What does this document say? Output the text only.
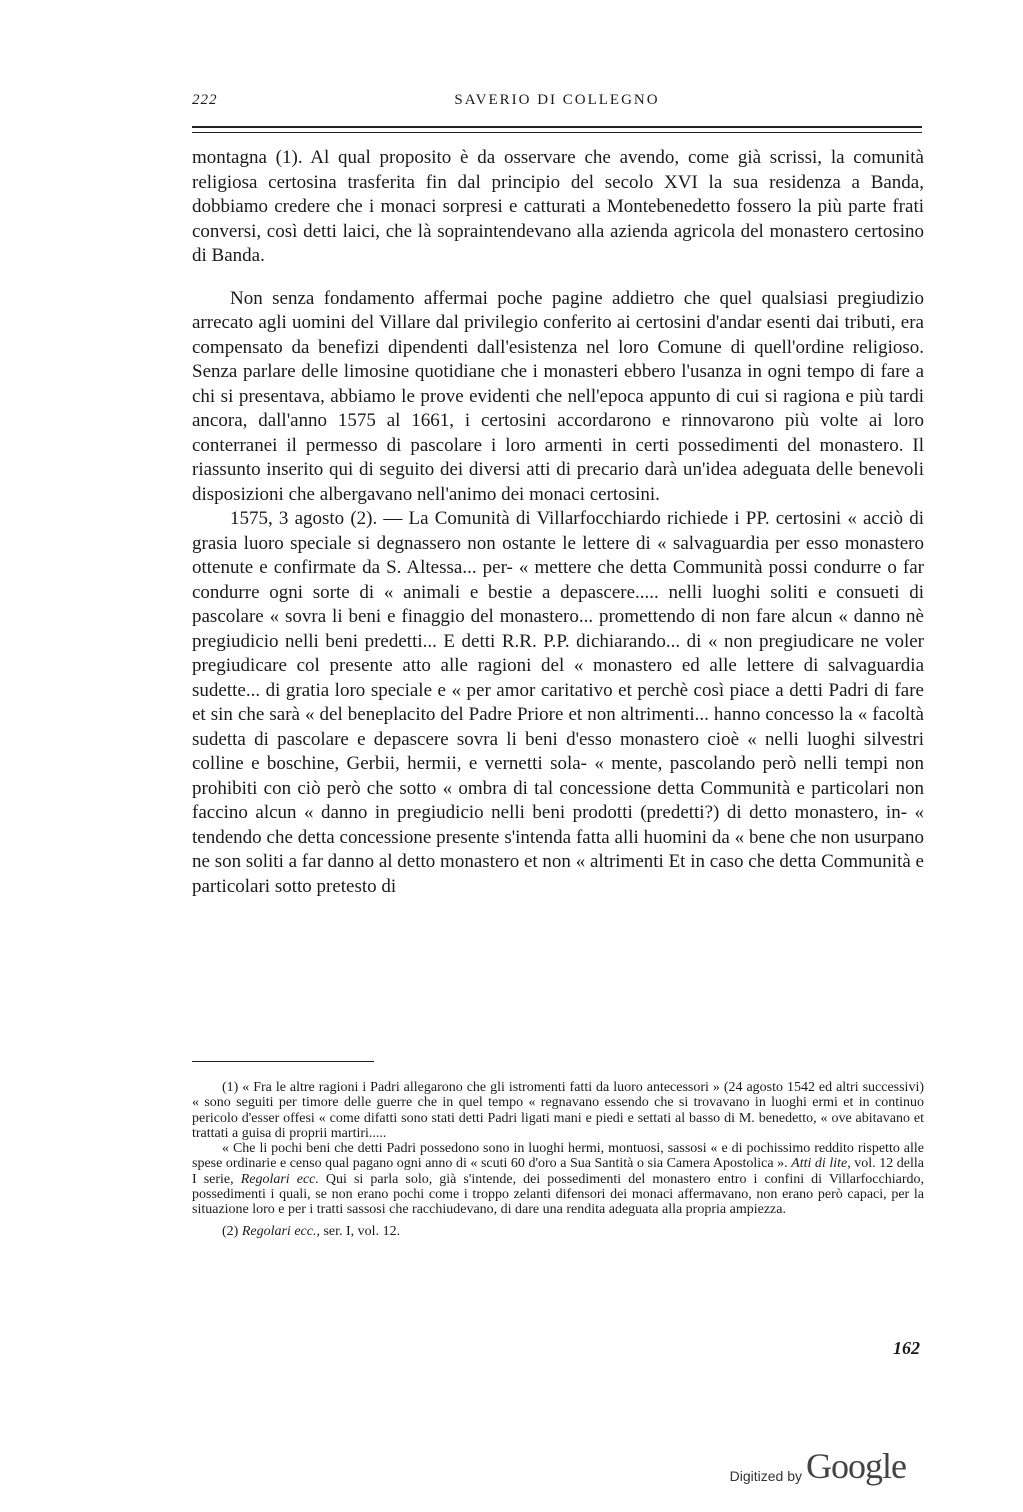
222	SAVERIO DI COLLEGNO

montagna (1). Al qual proposito è da osservare che avendo, come già scrissi, la comunità religiosa certosina trasferita fin dal principio del secolo XVI la sua residenza a Banda, dobbiamo credere che i monaci sorpresi e catturati a Montebenedetto fossero la più parte frati conversi, così detti laici, che là sopraintendevano alla azienda agricola del monastero certosino di Banda.

Non senza fondamento affermai poche pagine addietro che quel qualsiasi pregiudizio arrecato agli uomini del Villare dal privilegio conferito ai certosini d'andar esenti dai tributi, era compensato da benefizi dipendenti dall'esistenza nel loro Comune di quell'ordine religioso. Senza parlare delle limosine quotidiane che i monasteri ebbero l'usanza in ogni tempo di fare a chi si presentava, abbiamo le prove evidenti che nell'epoca appunto di cui si ragiona e più tardi ancora, dall'anno 1575 al 1661, i certosini accordarono e rinnovarono più volte ai loro conterranei il permesso di pascolare i loro armenti in certi possedimenti del monastero. Il riassunto inserito qui di seguito dei diversi atti di precario darà un'idea adeguata delle benevoli disposizioni che albergavano nell'animo dei monaci certosini.

1575, 3 agosto (2). — La Comunità di Villarfocchiardo richiede i PP. certosini « acciò di grasia luoro speciale si degnassero non ostante le lettere di « salvaguardia per esso monastero ottenute e confirmate da S. Altessa... per- « mettere che detta Communità possi condurre o far condurre ogni sorte di « animali e bestie a depascere..... nelli luoghi soliti e consueti di pascolare « sovra li beni e finaggio del monastero... promettendo di non fare alcun « danno nè pregiudicio nelli beni predetti... E detti R.R. P.P. dichiarando... di « non pregiudicare ne voler pregiudicare col presente atto alle ragioni del « monastero ed alle lettere di salvaguardia sudette... di gratia loro speciale e « per amor caritativo et perchè così piace a detti Padri di fare et sin che sarà « del beneplacito del Padre Priore et non altrimenti... hanno concesso la « facoltà sudetta di pascolare e depascere sovra li beni d'esso monastero cioè « nelli luoghi silvestri colline e boschine, Gerbii, hermii, e vernetti sola- « mente, pascolando però nelli tempi non prohibiti con ciò però che sotto « ombra di tal concessione detta Communità e particolari non faccino alcun « danno in pregiudicio nelli beni prodotti (predetti?) di detto monastero, in- « tendendo che detta concessione presente s'intenda fatta alli huomini da « bene che non usurpano ne son soliti a far danno al detto monastero et non « altrimenti Et in caso che detta Communità e particolari sotto pretesto di

(1) « Fra le altre ragioni i Padri allegarono che gli istromenti fatti da luoro antecessori » (24 agosto 1542 ed altri successivi) « sono seguiti per timore delle guerre che in quel tempo « regnavano essendo che si trovavano in luoghi ermi et in continuo pericolo d'esser offesi « come difatti sono stati detti Padri ligati mani e piedi e settati al basso di M. benedetto, « ove abitavano et trattati a guisa di proprii martiri.....

« Che li pochi beni che detti Padri possedono sono in luoghi hermi, montuosi, sassosi « e di pochissimo reddito rispetto alle spese ordinarie e censo qual pagano ogni anno di « scuti 60 d'oro a Sua Santità o sia Camera Apostolica ». Atti di lite, vol. 12 della I serie, Regolari ecc. Qui si parla solo, già s'intende, dei possedimenti del monastero entro i confini di Villarfocchiardo, possedimenti i quali, se non erano pochi come i troppo zelanti difensori dei monaci affermavano, non erano però capaci, per la situazione loro e per i tratti sassosi che racchiudevano, di dare una rendita adeguata alla propria ampiezza.

(2) Regolari ecc., ser. I, vol. 12.

162
Digitized by Google
